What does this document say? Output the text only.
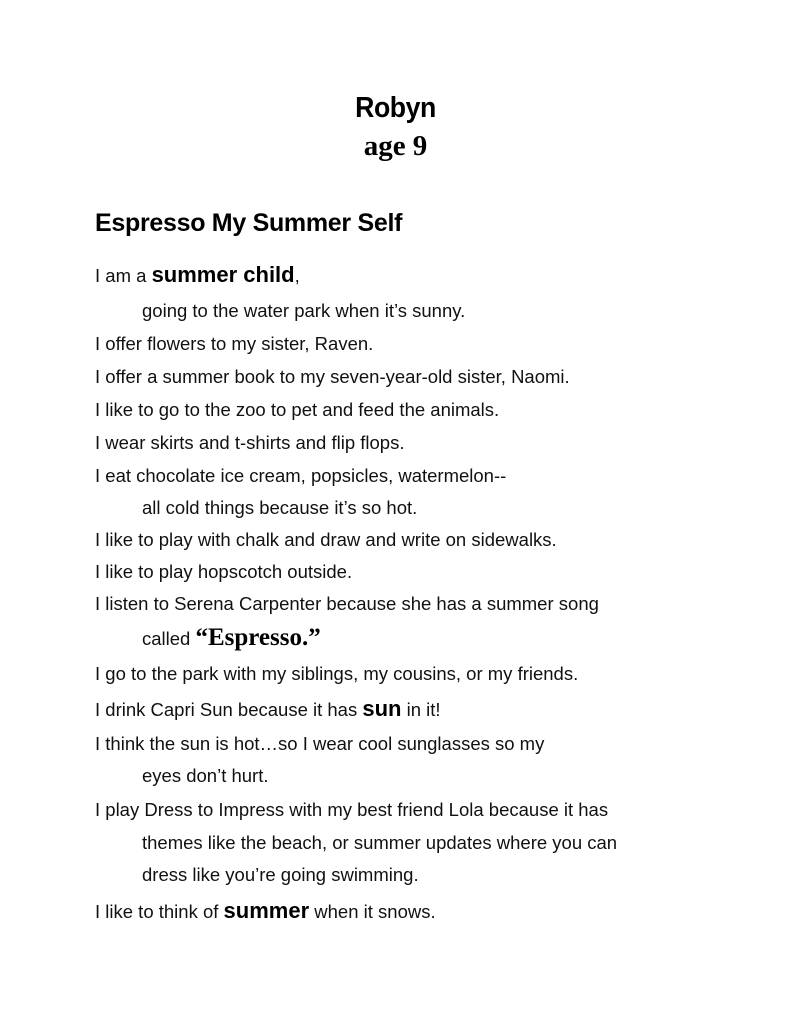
Robyn
age 9
Espresso My Summer Self
I am a summer child,
going to the water park when it’s sunny.
I offer flowers to my sister, Raven.
I offer a summer book to my seven-year-old sister, Naomi.
I like to go to the zoo to pet and feed the animals.
I wear skirts and t-shirts and flip flops.
I eat chocolate ice cream, popsicles, watermelon--
all cold things because it’s so hot.
I like to play with chalk and draw and write on sidewalks.
I like to play hopscotch outside.
I listen to Serena Carpenter because she has a summer song
called “Espresso.”
I go to the park with my siblings, my cousins, or my friends.
I drink Capri Sun because it has sun in it!
I think the sun is hot…so I wear cool sunglasses so my
eyes don’t hurt.
I play Dress to Impress with my best friend Lola because it has
themes like the beach, or summer updates where you can
dress like you’re going swimming.
I like to think of summer when it snows.
